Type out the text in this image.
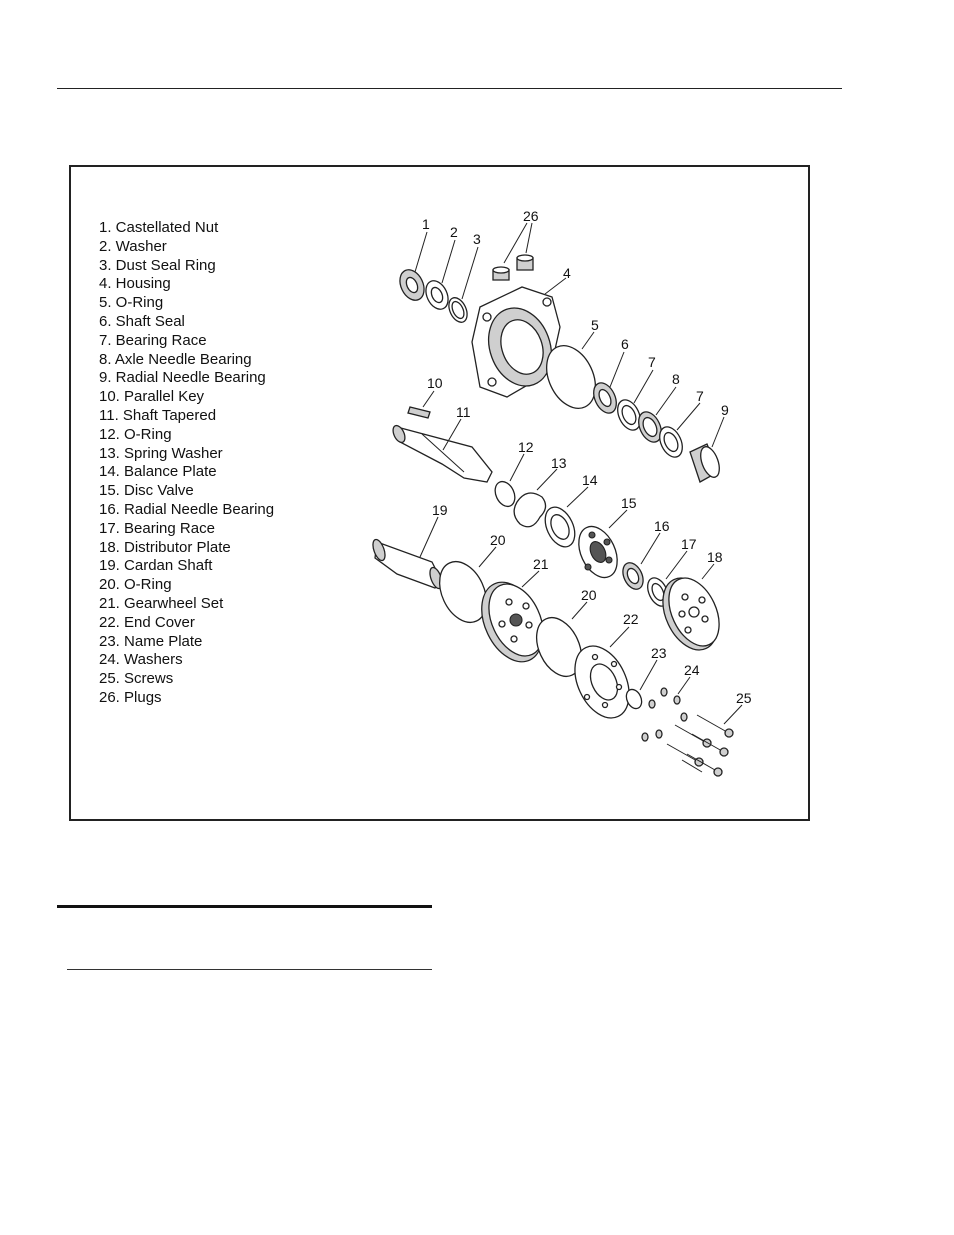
1. Castellated Nut
2. Washer
3. Dust Seal Ring
4. Housing
5. O-Ring
6. Shaft Seal
7. Bearing Race
8. Axle Needle Bearing
9. Radial Needle Bearing
10. Parallel Key
11. Shaft Tapered
12. O-Ring
13. Spring Washer
14. Balance Plate
15. Disc Valve
16. Radial Needle Bearing
17. Bearing Race
18. Distributor Plate
19. Cardan Shaft
20. O-Ring
21. Gearwheel Set
22. End Cover
23. Name Plate
24. Washers
25. Screws
26. Plugs
1 2 3
26
4
5
6
7
8
7
9
10
11
12
13
14
15
16
17
18
19
20
21
20
22
23
24
25
